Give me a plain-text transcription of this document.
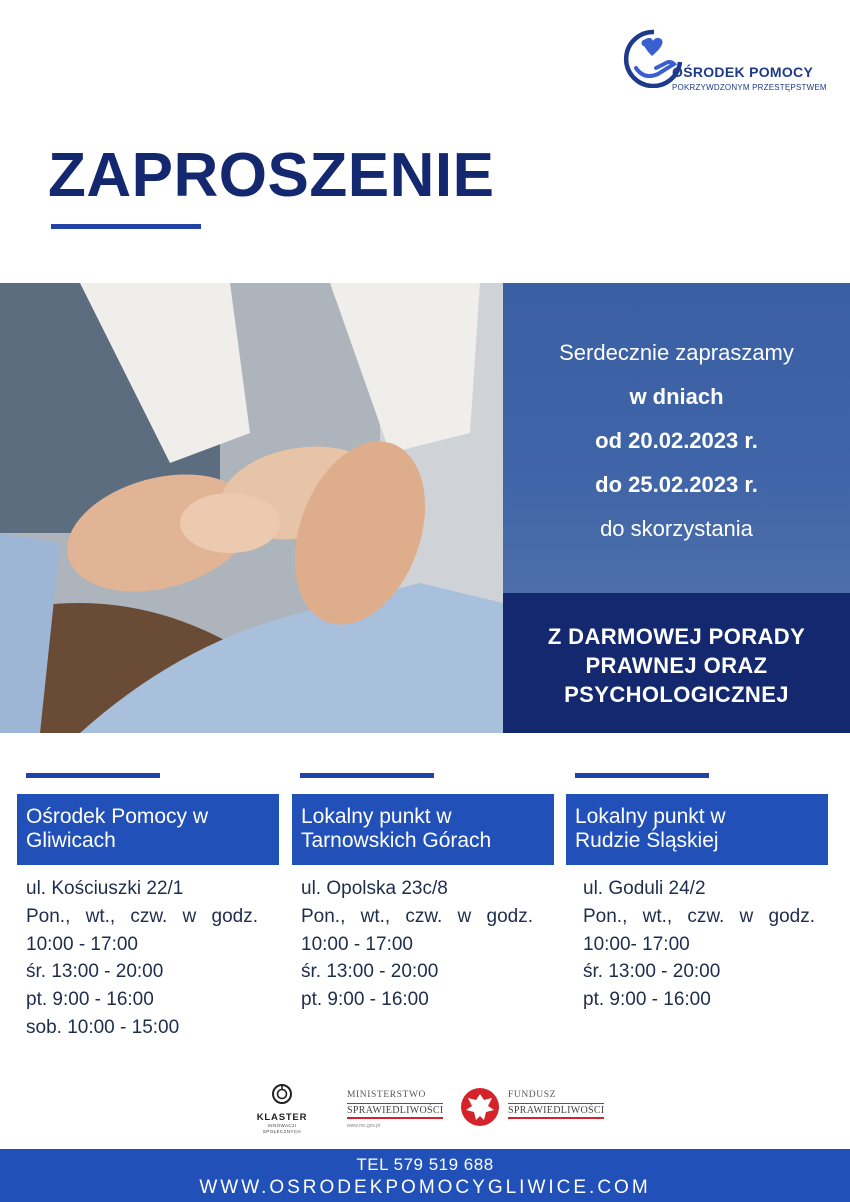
OŚRODEK POMOCY
POKRZYWDZONYM PRZESTĘPSTWEM
ZAPROSZENIE
Serdecznie zapraszamy
w dniach
od 20.02.2023 r.
do 25.02.2023 r.
do skorzystania
Z DARMOWEJ PORADY
PRAWNEJ ORAZ
PSYCHOLOGICZNEJ
Ośrodek Pomocy w
Gliwicach
ul. Kościuszki 22/1
Pon., wt., czw. w godz.
10:00 - 17:00
śr. 13:00 - 20:00
pt. 9:00 - 16:00
sob. 10:00 - 15:00
Lokalny punkt w
Tarnowskich Górach
ul. Opolska 23c/8
Pon., wt., czw. w godz.
10:00 - 17:00
śr. 13:00 - 20:00
pt. 9:00 - 16:00
Lokalny punkt w
Rudzie Śląskiej
ul. Goduli 24/2
Pon., wt., czw. w godz.
10:00- 17:00
śr. 13:00 - 20:00
pt. 9:00 - 16:00
KLASTER
INNOWACJI
SPOŁECZNYCH
MINISTERSTWO
SPRAWIEDLIWOŚCI
www.ms.gov.pl
FUNDUSZ
SPRAWIEDLIWOŚCI
TEL 579 519 688
WWW.OSRODEKPOMOCYGLIWICE.COM
